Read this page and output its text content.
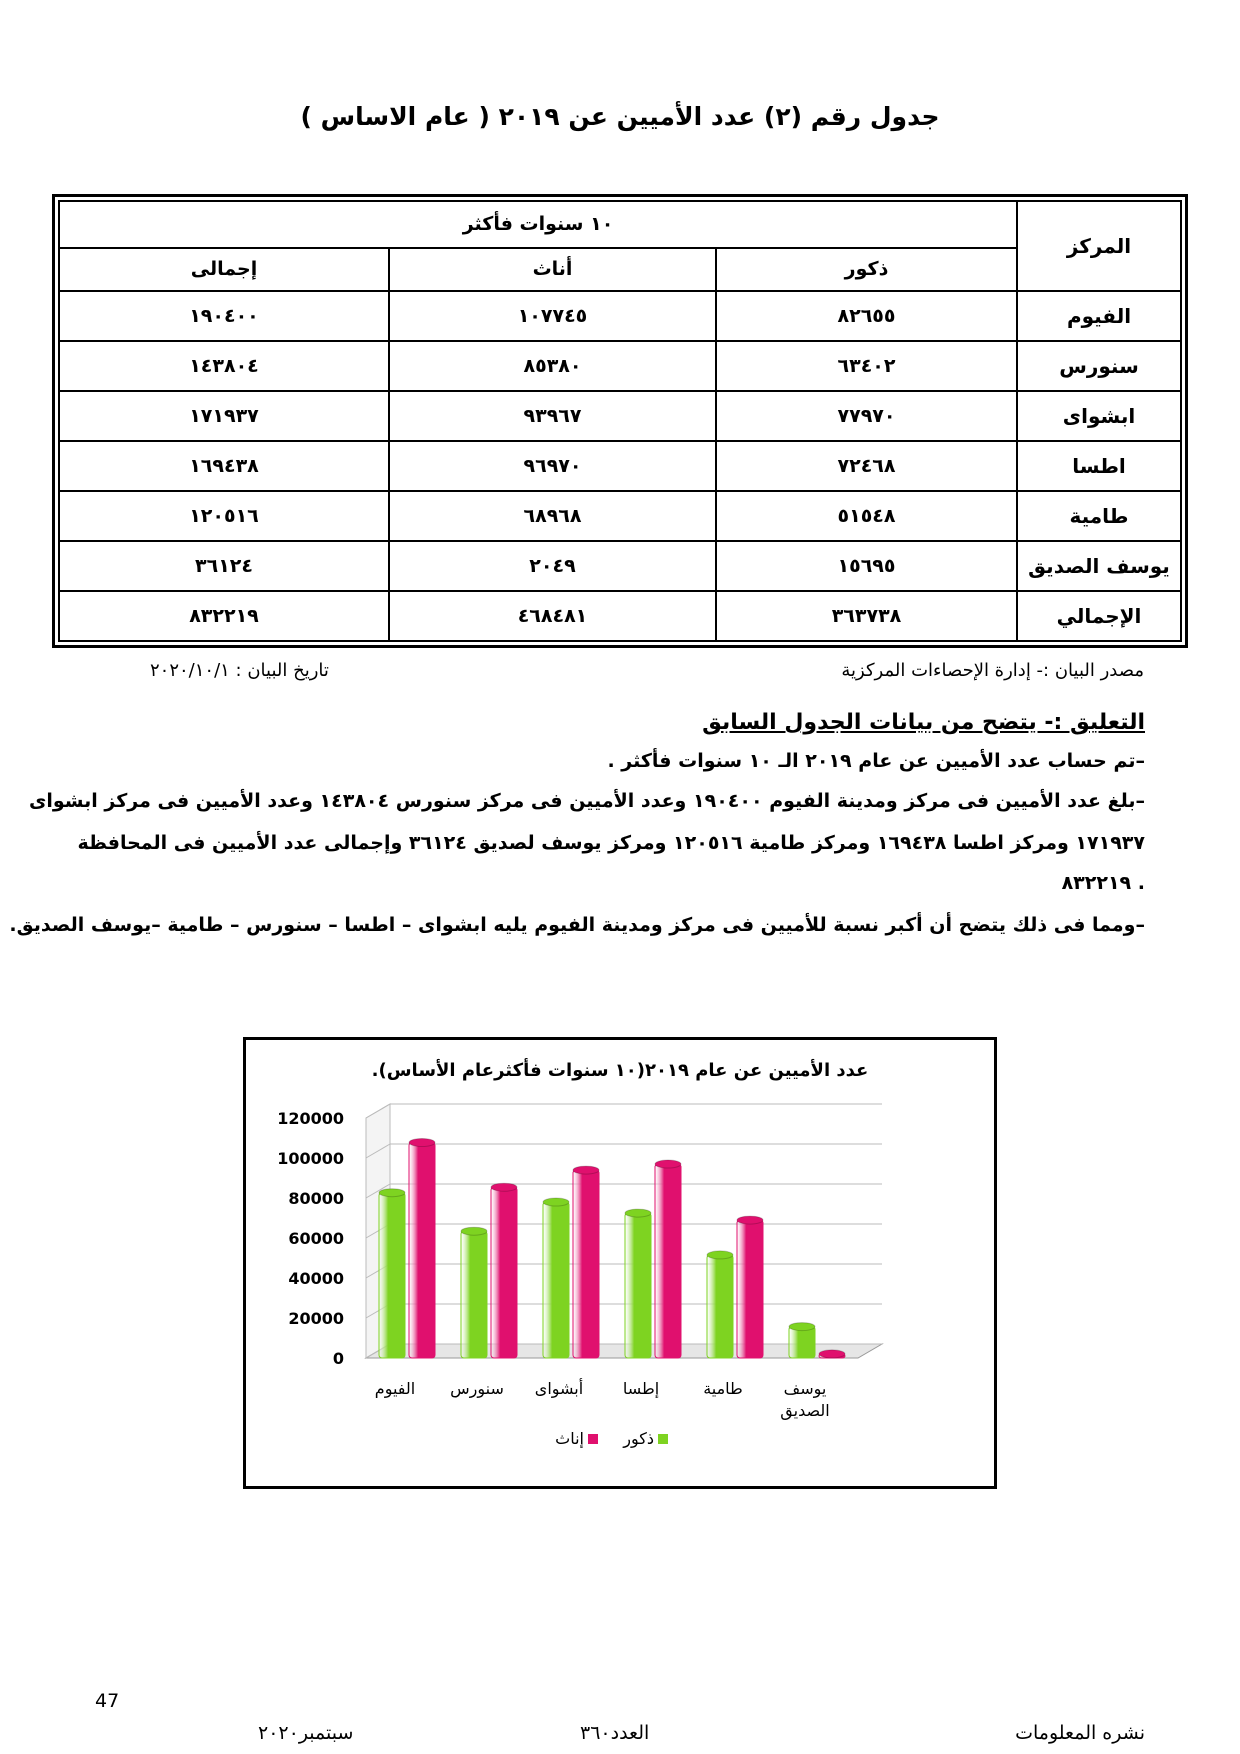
جدول رقم (٢) عدد الأميين عن ٢٠١٩ ( عام الاساس )
المركز	١٠ سنوات فأكثر		
	ذكور	أناث	إجمالى
الفيوم	٨٢٦٥٥	١٠٧٧٤٥	١٩٠٤٠٠
سنورس	٦٣٤٠٢	٨٥٣٨٠	١٤٣٨٠٤
ابشواى	٧٧٩٧٠	٩٣٩٦٧	١٧١٩٣٧
اطسا	٧٢٤٦٨	٩٦٩٧٠	١٦٩٤٣٨
طامية	٥١٥٤٨	٦٨٩٦٨	١٢٠٥١٦
يوسف الصديق	١٥٦٩٥	٢٠٤٩	٣٦١٢٤
الإجمالي	٣٦٣٧٣٨	٤٦٨٤٨١	٨٣٢٢١٩
مصدر البيان :- إدارة الإحصاءات المركزية
تاريخ البيان : ٢٠٢٠/١٠/١
التعليق :- يتضح من بيانات الجدول السابق
–تم حساب عدد الأميين عن عام ٢٠١٩ الـ ١٠ سنوات فأكثر .
–بلغ عدد الأميين فى مركز ومدينة الفيوم ١٩٠٤٠٠ وعدد الأميين فى مركز سنورس ١٤٣٨٠٤ وعدد الأميين فى مركز ابشواى
١٧١٩٣٧ ومركز اطسا ١٦٩٤٣٨ ومركز طامية ١٢٠٥١٦ ومركز يوسف لصديق ٣٦١٢٤ وإجمالى عدد الأميين فى المحافظة
. ٨٣٢٢١٩
–ومما فى ذلك يتضح أن أكبر نسبة للأميين فى مركز ومدينة الفيوم يليه ابشواى – اطسا – سنورس – طامية –يوسف الصديق.
عدد الأميين عن عام ٢٠١٩(١٠ سنوات فأكثرعام الأساس).
0
20000
40000
60000
80000
100000
120000
الفيوم سنورس أبشواى إطسا	طامية	يوسف
الصديق
ذكور
إناث
47
نشره المعلومات
العدد٣٦٠
سبتمبر٢٠٢٠
